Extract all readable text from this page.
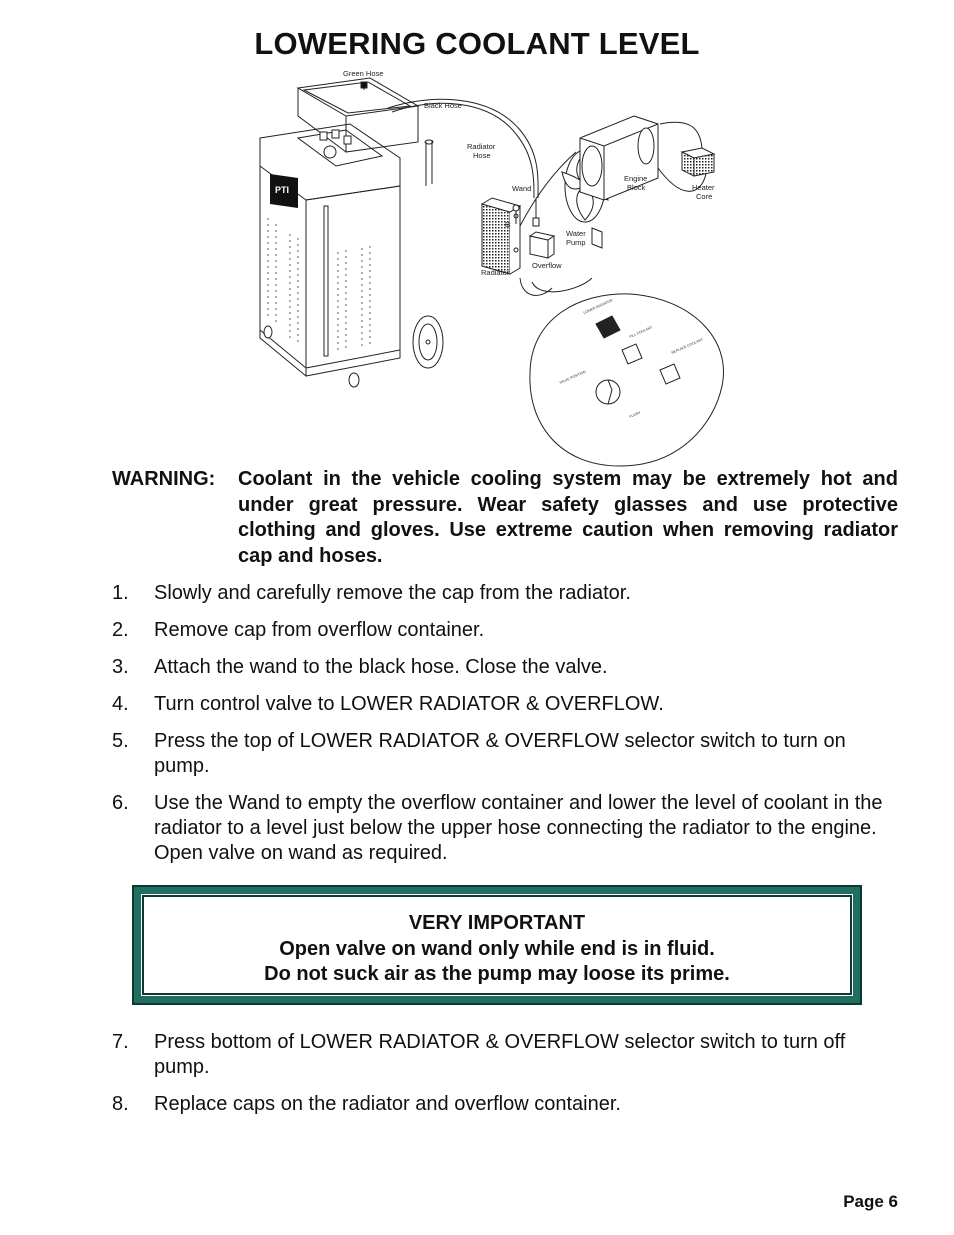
LOWERING COOLANT LEVEL
PTI
LOWER RADIATOR
FILL COOLANT
REPLACE COOLANT
VALVE POSITION
FLUSH
Green Hose
Black Hose
Radiator
Hose
Wand
Engine
Block	Heater
Core
Water
Pump
Radiator
Overflow
B
WARNING: Coolant in the vehicle cooling system may be extremely hot and under great pressure. Wear safety glasses and use protective clothing and gloves. Use extreme caution when removing radiator cap and hoses.
1. Slowly and carefully remove the cap from the radiator.
2. Remove cap from overflow container.
3. Attach the wand to the black hose. Close the valve.
4. Turn control valve to LOWER RADIATOR & OVERFLOW.
5. Press the top of LOWER RADIATOR & OVERFLOW selector switch to turn on pump.
6. Use the Wand to empty the overflow container and lower the level of coolant in the radiator to a level just below the upper hose connecting the radiator to the engine. Open valve on wand as required.
VERY IMPORTANT
Open valve on wand only while end is in fluid.
Do not suck air as the pump may loose its prime.
7. Press bottom of LOWER RADIATOR & OVERFLOW selector switch to turn off pump.
8. Replace caps on the radiator and overflow container.
Page 6
